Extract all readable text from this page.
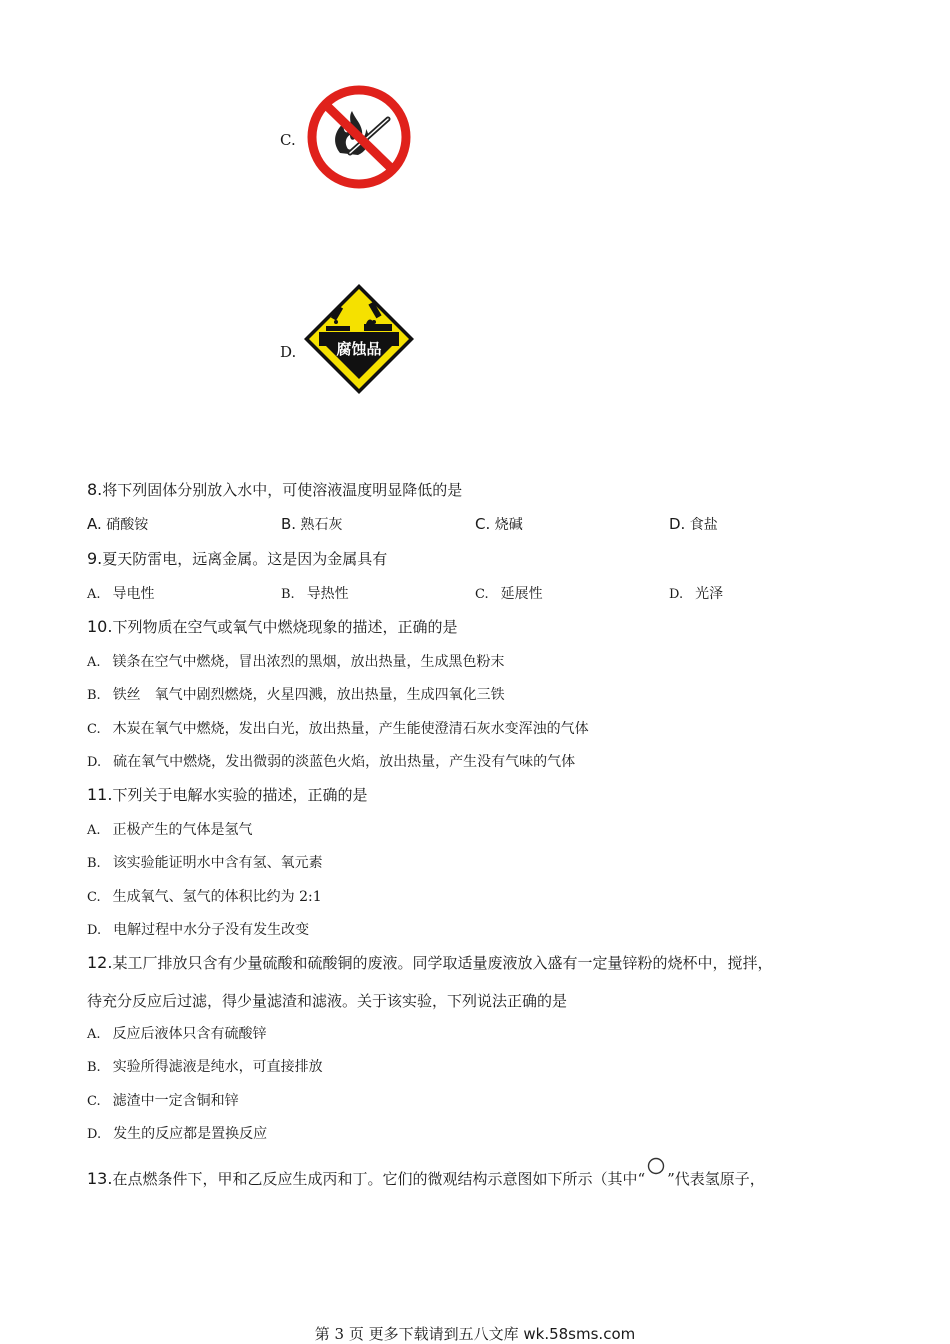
C.
D.	腐蚀品
8.将下列固体分别放入水中，可使溶液温度明显降低的是
A. 硝酸铵	B. 熟石灰	C. 烧碱	D. 食盐
9.夏天防雷电，远离金属。这是因为金属具有
A. 导电性	B. 导热性	C. 延展性	D. 光泽
10.下列物质在空气或氧气中燃烧现象的描述，正确的是
A. 镁条在空气中燃烧，冒出浓烈的黑烟，放出热量，生成黑色粉末
B. 铁丝　氧气中剧烈燃烧，火星四溅，放出热量，生成四氧化三铁
C. 木炭在氧气中燃烧，发出白光，放出热量，产生能使澄清石灰水变浑浊的气体
D. 硫在氧气中燃烧，发出微弱的淡蓝色火焰，放出热量，产生没有气味的气体
11.下列关于电解水实验的描述，正确的是
A. 正极产生的气体是氢气
B. 该实验能证明水中含有氢、氧元素
C. 生成氧气、氢气的体积比约为 2:1
D. 电解过程中水分子没有发生改变
12.某工厂排放只含有少量硫酸和硫酸铜的废液。同学取适量废液放入盛有一定量锌粉的烧杯中，搅拌，
待充分反应后过滤，得少量滤渣和滤液。关于该实验，下列说法正确的是
A. 反应后液体只含有硫酸锌
B. 实验所得滤液是纯水，可直接排放
C. 滤渣中一定含铜和锌
D. 发生的反应都是置换反应
13.在点燃条件下，甲和乙反应生成丙和丁。它们的微观结构示意图如下所示（其中“ ”代表氢原子，
第 3 页 更多下载请到五八文库 wk.58sms.com
